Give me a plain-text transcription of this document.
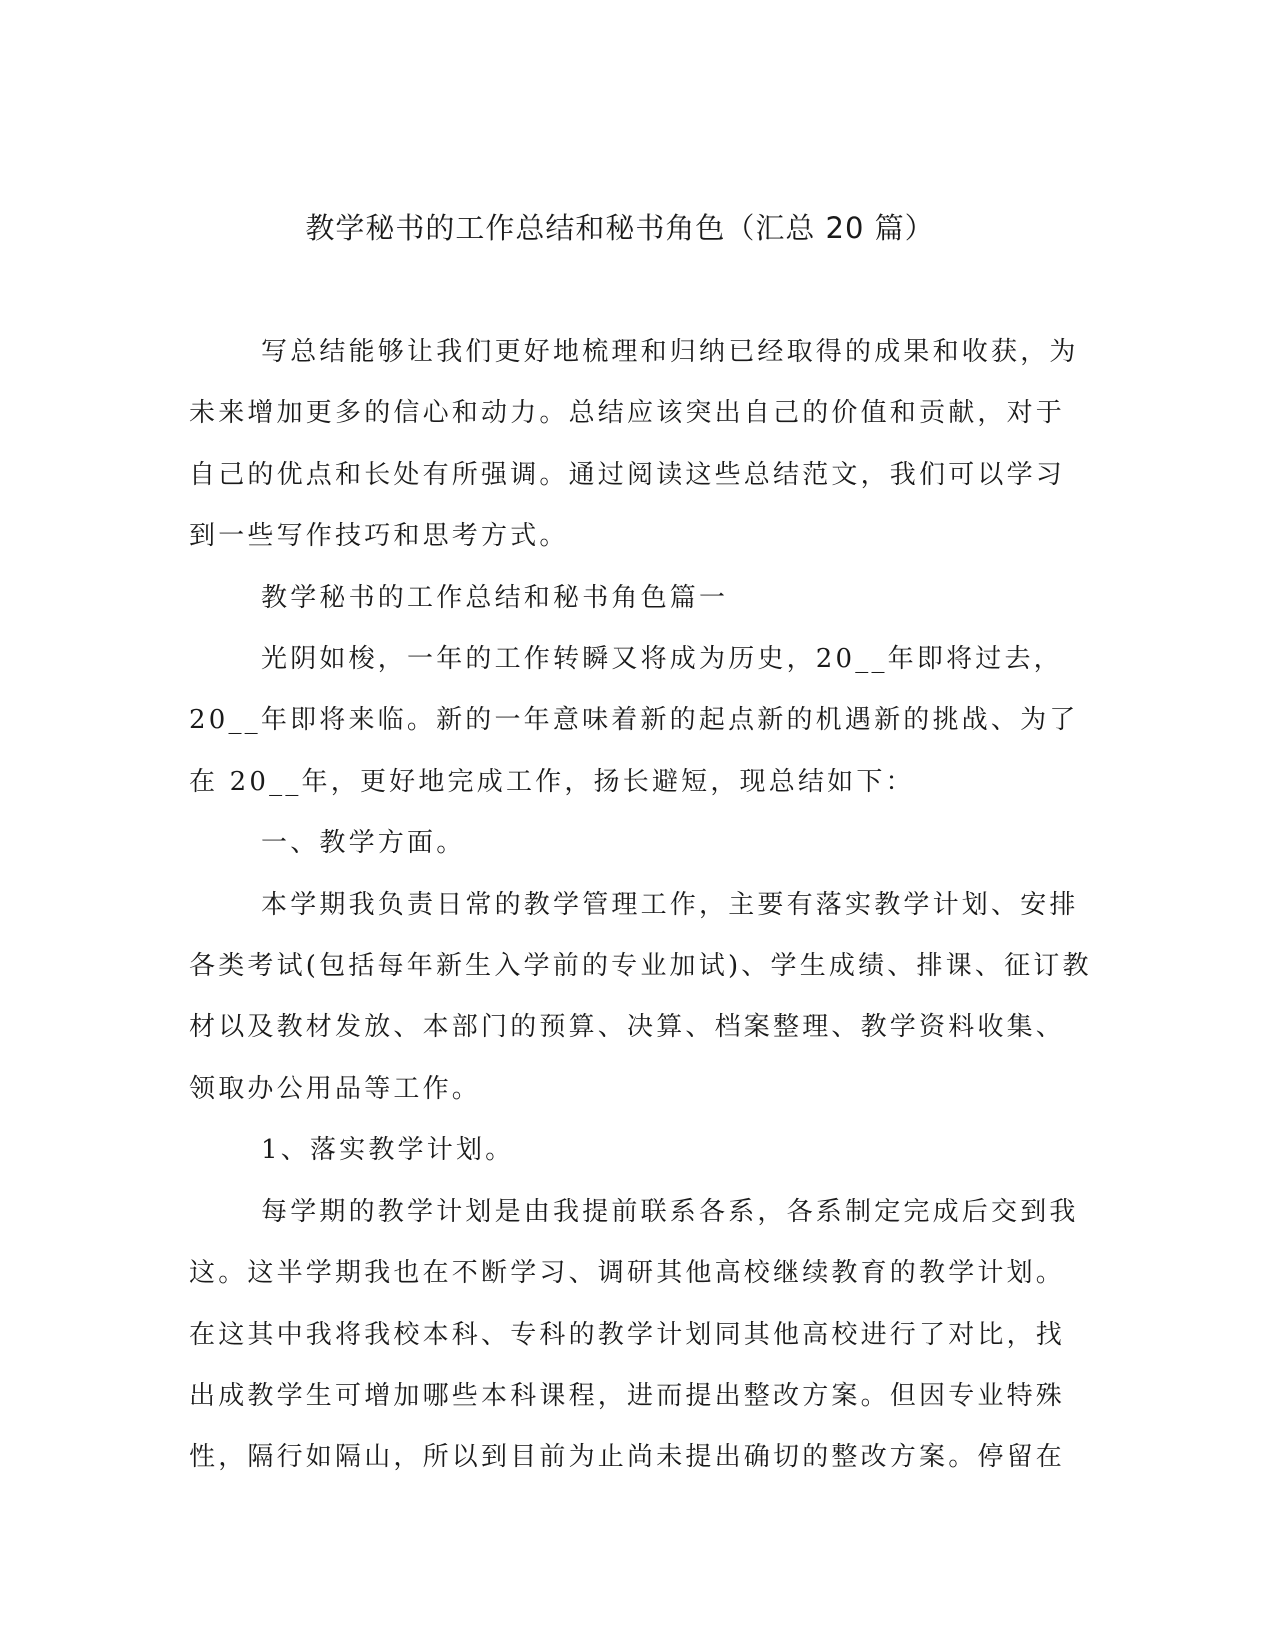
教学秘书的工作总结和秘书角色（汇总 20 篇）
写总结能够让我们更好地梳理和归纳已经取得的成果和收获，为
未来增加更多的信心和动力。总结应该突出自己的价值和贡献，对于
自己的优点和长处有所强调。通过阅读这些总结范文，我们可以学习
到一些写作技巧和思考方式。
教学秘书的工作总结和秘书角色篇一
光阴如梭，一年的工作转瞬又将成为历史，20__年即将过去，
20__年即将来临。新的一年意味着新的起点新的机遇新的挑战、为了
在 20__年，更好地完成工作，扬长避短，现总结如下：
一、教学方面。
本学期我负责日常的教学管理工作，主要有落实教学计划、安排
各类考试(包括每年新生入学前的专业加试)、学生成绩、排课、征订教
材以及教材发放、本部门的预算、决算、档案整理、教学资料收集、
领取办公用品等工作。
1、落实教学计划。
每学期的教学计划是由我提前联系各系，各系制定完成后交到我
这。这半学期我也在不断学习、调研其他高校继续教育的教学计划。
在这其中我将我校本科、专科的教学计划同其他高校进行了对比，找
出成教学生可增加哪些本科课程，进而提出整改方案。但因专业特殊
性，隔行如隔山，所以到目前为止尚未提出确切的整改方案。停留在
